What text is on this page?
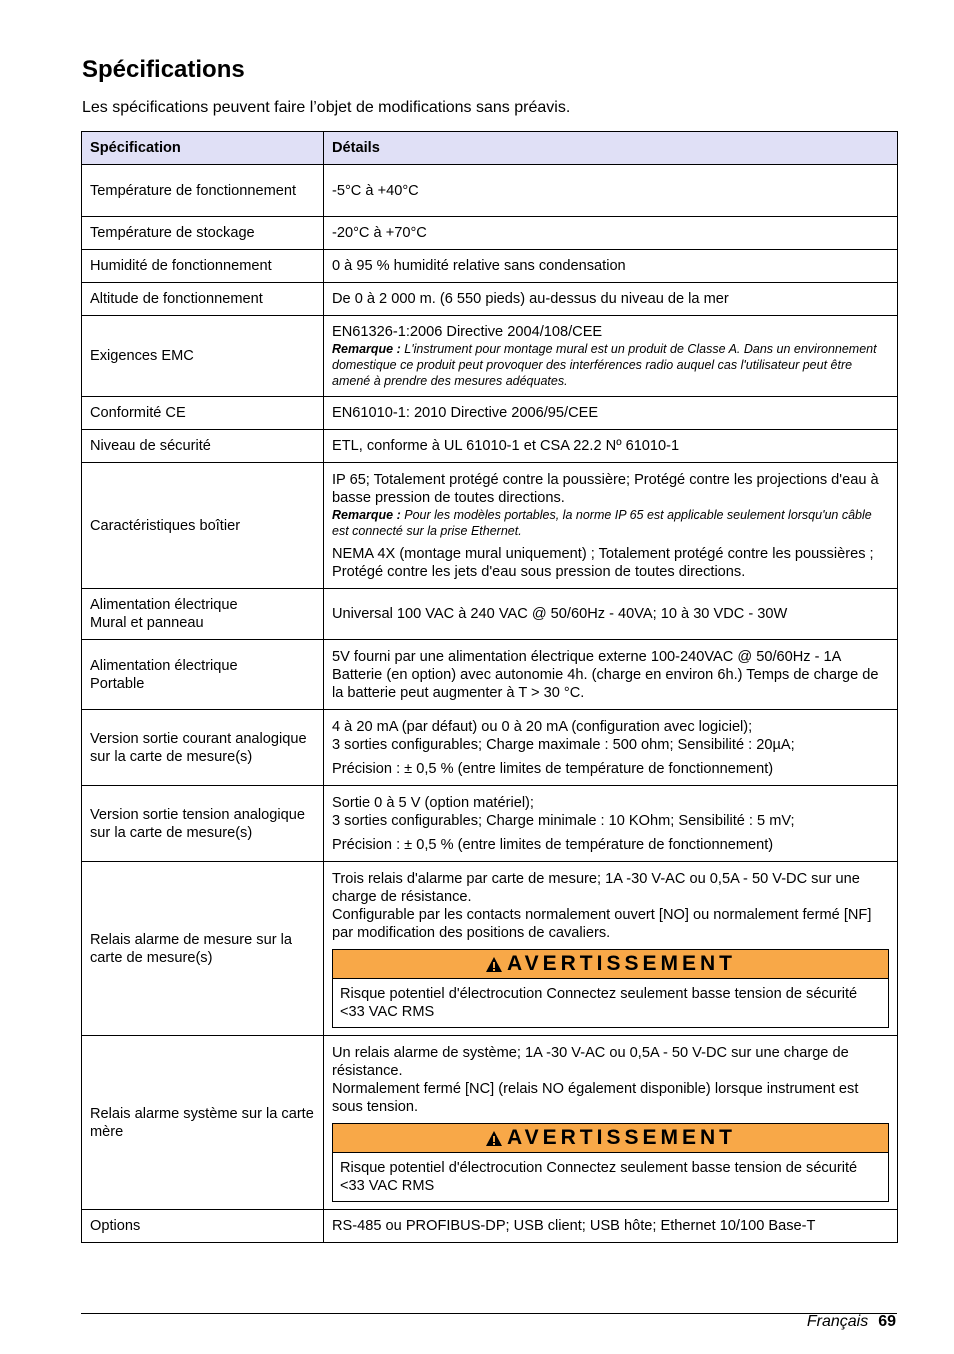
Spécifications

Les spécifications peuvent faire l’objet de modifications sans préavis.

Spécification	Détails
Température de fonctionnement	-5°C à +40°C

Température de stockage	-20°C à +70°C

Humidité de fonctionnement	0 à 95 % humidité relative sans condensation

Altitude de fonctionnement	De 0 à 2 000 m. (6 550 pieds) au-dessus du niveau de la mer

Exigences EMC	EN61326-1:2006 Directive 2004/108/CEE

Remarque : L'instrument pour montage mural est un produit de Classe A. Dans un environnement domestique ce produit peut provoquer des interférences radio auquel cas l'utilisateur peut être amené à prendre des mesures adéquates.

Conformité CE	EN61010-1: 2010 Directive 2006/95/CEE

Niveau de sécurité	ETL, conforme à UL 61010-1 et CSA 22.2 Nº 61010-1

Caractéristiques boîtier	IP 65; Totalement protégé contre la poussière; Protégé contre les projections d'eau à basse pression de toutes directions.

Remarque : Pour les modèles portables, la norme IP 65 est applicable seulement lorsqu'un câble est connecté sur la prise Ethernet.

NEMA 4X (montage mural uniquement) ; Totalement protégé contre les poussières ; Protégé contre les jets d'eau sous pression de toutes directions.

Alimentation électrique
Mural et panneau	Universal 100 VAC à 240 VAC @ 50/60Hz - 40VA; 10 à 30 VDC - 30W

Alimentation électrique
Portable	5V fourni par une alimentation électrique externe 100-240VAC @ 50/60Hz - 1A Batterie (en option) avec autonomie 4h. (charge en environ 6h.) Temps de charge de la batterie peut augmenter à T > 30 °C.

Version sortie courant analogique sur la carte de mesure(s)	4 à 20 mA (par défaut) ou 0 à 20 mA (configuration avec logiciel);

3 sorties configurables; Charge maximale : 500 ohm; Sensibilité : 20µA;

Précision : ± 0,5 % (entre limites de température de fonctionnement)

Version sortie tension analogique sur la carte de mesure(s)	Sortie 0 à 5 V (option matériel);

3 sorties configurables; Charge minimale : 10 KOhm; Sensibilité : 5 mV;

Précision : ± 0,5 % (entre limites de température de fonctionnement)

Relais alarme de mesure sur la carte de mesure(s)	Trois relais d'alarme par carte de mesure; 1A -30 V-AC ou 0,5A - 50 V-DC sur une charge de résistance.

Configurable par les contacts normalement ouvert [NO] ou normalement fermé [NF] par modification des positions de cavaliers.

AVERTISSEMENT
Risque potentiel d'électrocution Connectez seulement basse tension de sécurité <33 VAC RMS

Relais alarme système sur la carte mère	Un relais alarme de système; 1A -30 V-AC ou 0,5A - 50 V-DC sur une charge de résistance.

Normalement fermé [NC] (relais NO également disponible) lorsque instrument est sous tension.

AVERTISSEMENT
Risque potentiel d'électrocution Connectez seulement basse tension de sécurité <33 VAC RMS

Options	RS-485 ou PROFIBUS-DP; USB client; USB hôte; Ethernet 10/100 Base-T

Français 69
